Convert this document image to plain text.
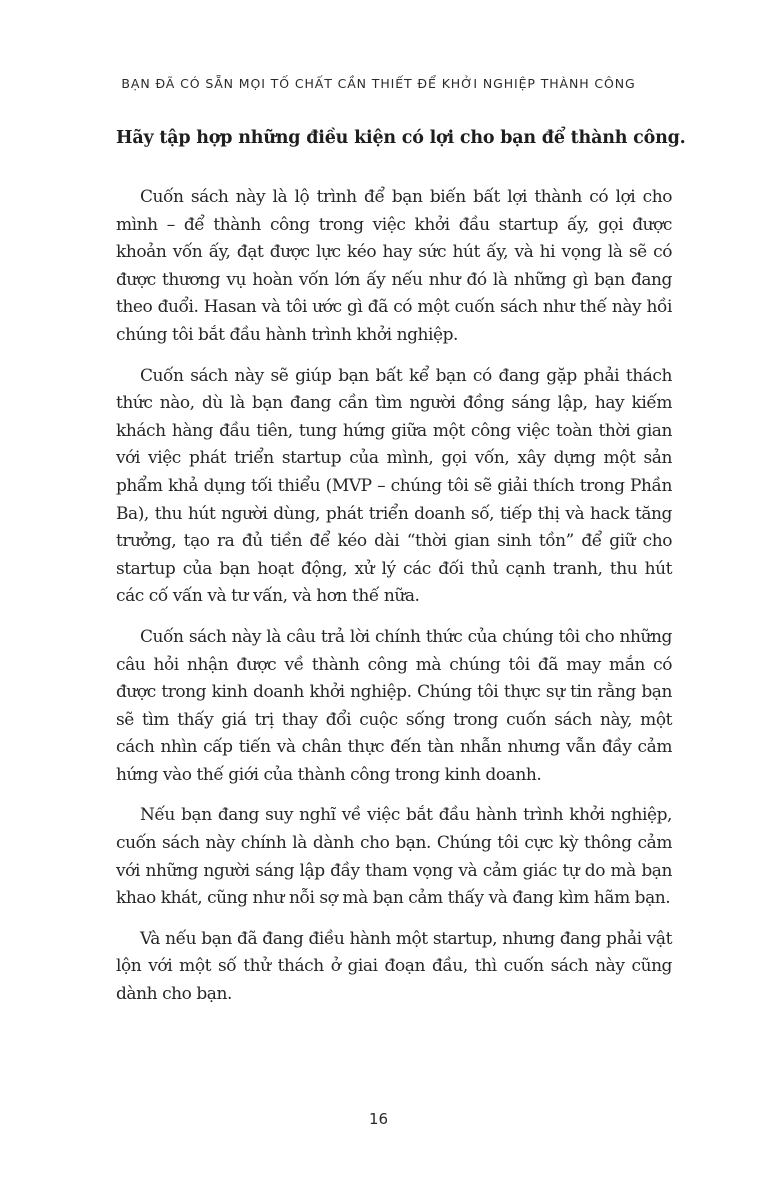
BẠN ĐÃ CÓ SẴN MỌI TỐ CHẤT CẦN THIẾT ĐỂ KHỞI NGHIỆP THÀNH CÔNG

Hãy tập hợp những điều kiện có lợi cho bạn để thành công.

Cuốn sách này là lộ trình để bạn biến bất lợi thành có lợi cho mình – để thành công trong việc khởi đầu startup ấy, gọi được khoản vốn ấy, đạt được lực kéo hay sức hút ấy, và hi vọng là sẽ có được thương vụ hoàn vốn lớn ấy nếu như đó là những gì bạn đang theo đuổi. Hasan và tôi ước gì đã có một cuốn sách như thế này hồi chúng tôi bắt đầu hành trình khởi nghiệp.

Cuốn sách này sẽ giúp bạn bất kể bạn có đang gặp phải thách thức nào, dù là bạn đang cần tìm người đồng sáng lập, hay kiếm khách hàng đầu tiên, tung hứng giữa một công việc toàn thời gian với việc phát triển startup của mình, gọi vốn, xây dựng một sản phẩm khả dụng tối thiểu (MVP – chúng tôi sẽ giải thích trong Phần Ba), thu hút người dùng, phát triển doanh số, tiếp thị và hack tăng trưởng, tạo ra đủ tiền để kéo dài “thời gian sinh tồn” để giữ cho startup của bạn hoạt động, xử lý các đối thủ cạnh tranh, thu hút các cố vấn và tư vấn, và hơn thế nữa.

Cuốn sách này là câu trả lời chính thức của chúng tôi cho những câu hỏi nhận được về thành công mà chúng tôi đã may mắn có được trong kinh doanh khởi nghiệp. Chúng tôi thực sự tin rằng bạn sẽ tìm thấy giá trị thay đổi cuộc sống trong cuốn sách này, một cách nhìn cấp tiến và chân thực đến tàn nhẫn nhưng vẫn đầy cảm hứng vào thế giới của thành công trong kinh doanh.

Nếu bạn đang suy nghĩ về việc bắt đầu hành trình khởi nghiệp, cuốn sách này chính là dành cho bạn. Chúng tôi cực kỳ thông cảm với những người sáng lập đầy tham vọng và cảm giác tự do mà bạn khao khát, cũng như nỗi sợ mà bạn cảm thấy và đang kìm hãm bạn.

Và nếu bạn đã đang điều hành một startup, nhưng đang phải vật lộn với một số thử thách ở giai đoạn đầu, thì cuốn sách này cũng dành cho bạn.

16
